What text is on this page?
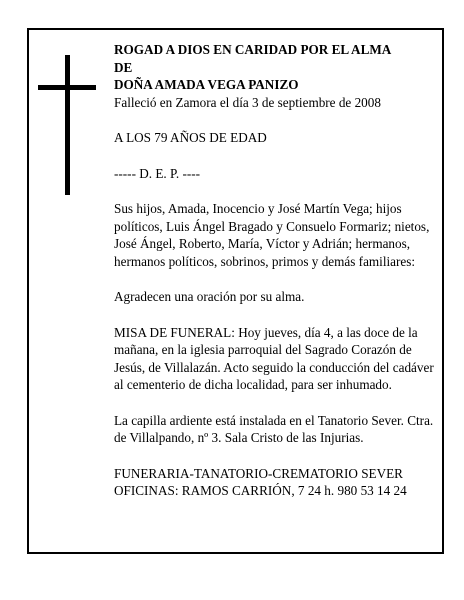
ROGAD A DIOS EN CARIDAD POR EL ALMA

DE

DOÑA AMADA VEGA PANIZO

Falleció en Zamora el día 3 de septiembre de 2008

A LOS 79 AÑOS DE EDAD

----- D. E. P. ----

Sus hijos, Amada, Inocencio y José Martín Vega; hijos políticos, Luis Ángel Bragado y Consuelo Formariz; nietos, José Ángel, Roberto, María, Víctor y Adrián; hermanos, hermanos políticos, sobrinos, primos y demás familiares:

Agradecen una oración por su alma.

MISA DE FUNERAL: Hoy jueves, día 4, a las doce de la mañana, en la iglesia parroquial del Sagrado Corazón de Jesús, de Villalazán. Acto seguido la conducción del cadáver al cementerio de dicha localidad, para ser inhumado.

La capilla ardiente está instalada en el Tanatorio Sever. Ctra. de Villalpando, nº 3. Sala Cristo de las Injurias.

FUNERARIA-TANATORIO-CREMATORIO SEVER

OFICINAS: RAMOS CARRIÓN, 7 24 h. 980 53 14 24
